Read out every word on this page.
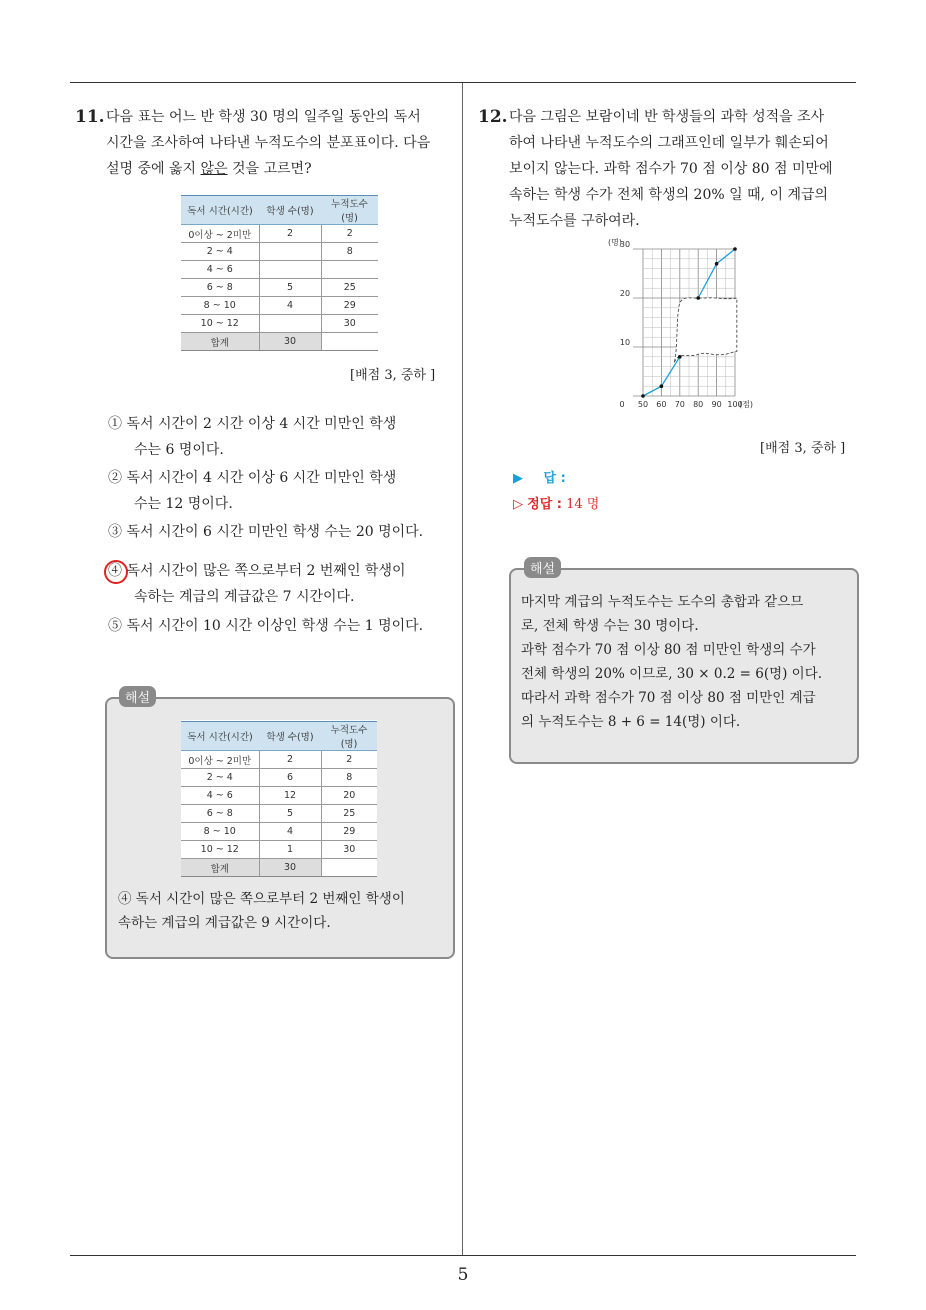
5
11. 다음 표는 어느 반 학생 30 명의 일주일 동안의 독서
시간을 조사하여 나타낸 누적도수의 분포표이다. 다음
설명 중에 옳지 않은 것을 고르면?
독서 시간(시간)	학생 수(명)	누적도수(명)
0이상 ~ 2미만	2	2
2 ~ 4		8
4 ~ 6		
6 ~ 8	5	25
8 ~ 10	4	29
10 ~ 12		30
합계	30	
[배점 3, 중하 ]
① 독서 시간이 2 시간 이상 4 시간 미만인 학생
수는 6 명이다.
② 독서 시간이 4 시간 이상 6 시간 미만인 학생
수는 12 명이다.
③ 독서 시간이 6 시간 미만인 학생 수는 20 명이다.
④ 독서 시간이 많은 쪽으로부터 2 번째인 학생이
속하는 계급의 계급값은 7 시간이다.
⑤ 독서 시간이 10 시간 이상인 학생 수는 1 명이다.
해설
독서 시간(시간)	학생 수(명)	누적도수(명)
0이상 ~ 2미만	2	2
2 ~ 4	6	8
4 ~ 6	12	20
6 ~ 8	5	25
8 ~ 10	4	29
10 ~ 12	1	30
합계	30	
④ 독서 시간이 많은 쪽으로부터 2 번째인 학생이
속하는 계급의 계급값은 9 시간이다.
12. 다음 그림은 보람이네 반 학생들의 과학 성적을 조사
하여 나타낸 누적도수의 그래프인데 일부가 훼손되어
보이지 않는다. 과학 점수가 70 점 이상 80 점 미만에
속하는 학생 수가 전체 학생의 20% 일 때, 이 계급의
누적도수를 구하여라.
50 60 70 80 90 100
0
10
20
30
(명)
(점)
[배점 3, 중하 ]
▶ 답 :
▷ 정답 : 14 명
해설
마지막 계급의 누적도수는 도수의 총합과 같으므
로, 전체 학생 수는 30 명이다.
과학 점수가 70 점 이상 80 점 미만인 학생의 수가
전체 학생의 20% 이므로, 30 × 0.2 = 6(명) 이다.
따라서 과학 점수가 70 점 이상 80 점 미만인 계급
의 누적도수는 8 + 6 = 14(명) 이다.
